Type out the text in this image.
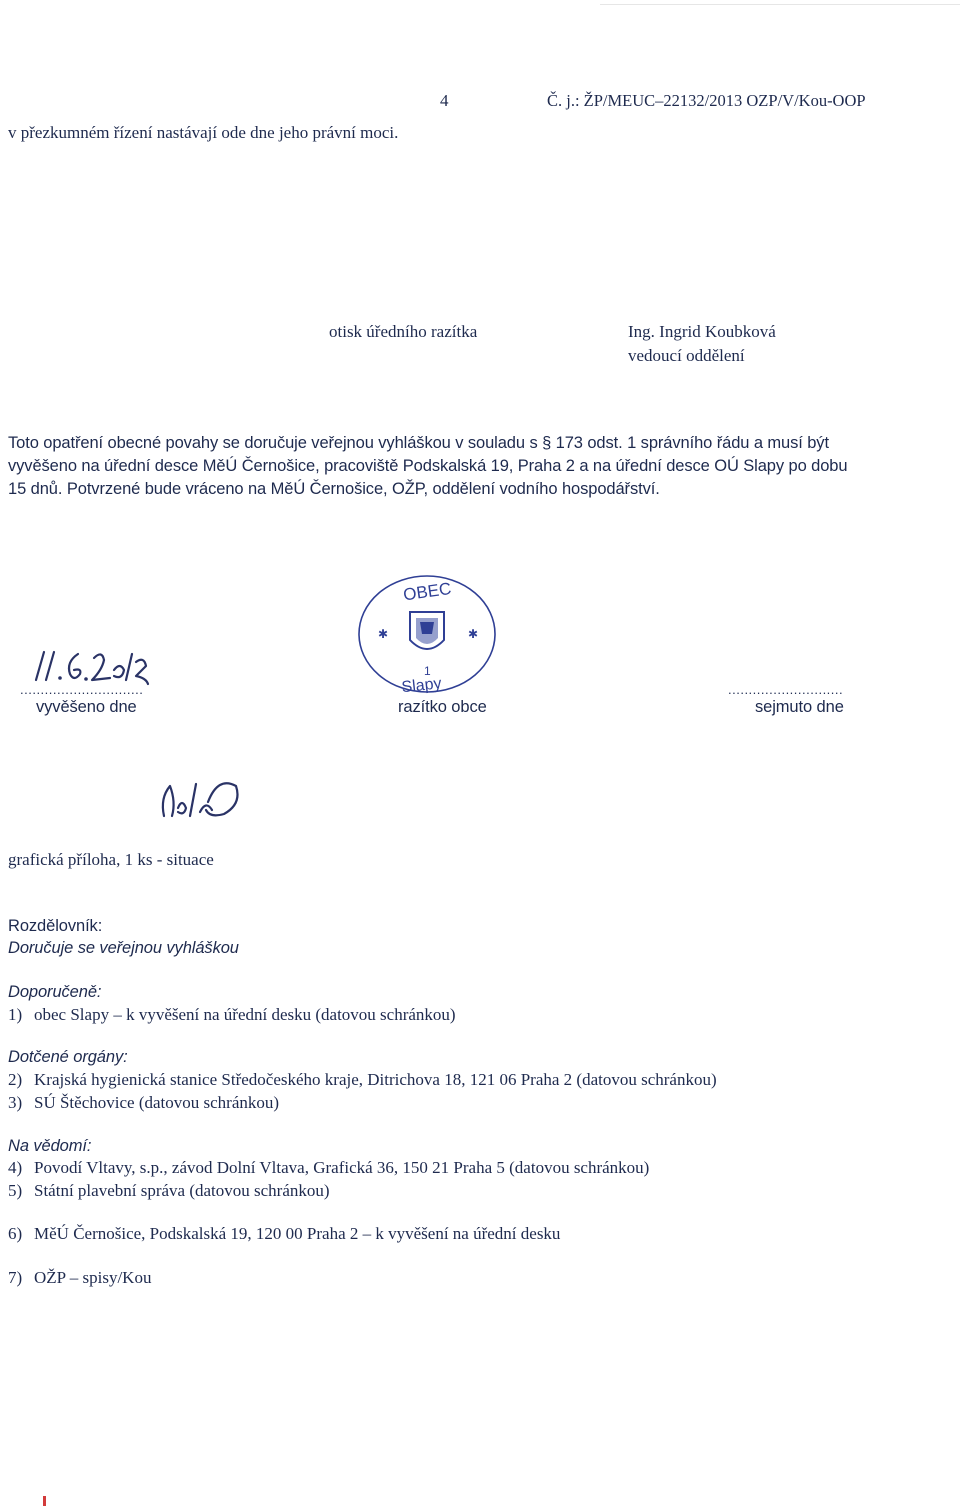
4	Č. j.: ŽP/MEUC–22132/2013 OZP/V/Kou-OOP
v přezkumném řízení nastávají ode dne jeho právní moci.
otisk úředního razítka	Ing. Ingrid Koubková
vedoucí oddělení
Toto opatření obecné povahy se doručuje veřejnou vyhláškou v souladu s § 173 odst. 1 správního řádu a musí být
vyvěšeno na úřední desce MěÚ Černošice, pracoviště Podskalská 19, Praha 2 a na úřední desce OÚ Slapy po dobu
15 dnů. Potvrzené bude vráceno na MěÚ Černošice, OŽP, oddělení vodního hospodářství.
OBEC
✱	✱
1
Slapy
..............................	............................
vyvěšeno dne	razítko obce	sejmuto dne
grafická příloha, 1 ks - situace
Rozdělovník:
Doručuje se veřejnou vyhláškou
Doporučeně:
1) obec Slapy – k vyvěšení na úřední desku (datovou schránkou)
Dotčené orgány:
2) Krajská hygienická stanice Středočeského kraje, Ditrichova 18, 121 06 Praha 2 (datovou schránkou)
3) SÚ Štěchovice (datovou schránkou)
Na vědomí:
4) Povodí Vltavy, s.p., závod Dolní Vltava, Grafická 36, 150 21 Praha 5 (datovou schránkou)
5) Státní plavební správa (datovou schránkou)
6) MěÚ Černošice, Podskalská 19, 120 00 Praha 2 – k vyvěšení na úřední desku
7) OŽP – spisy/Kou
